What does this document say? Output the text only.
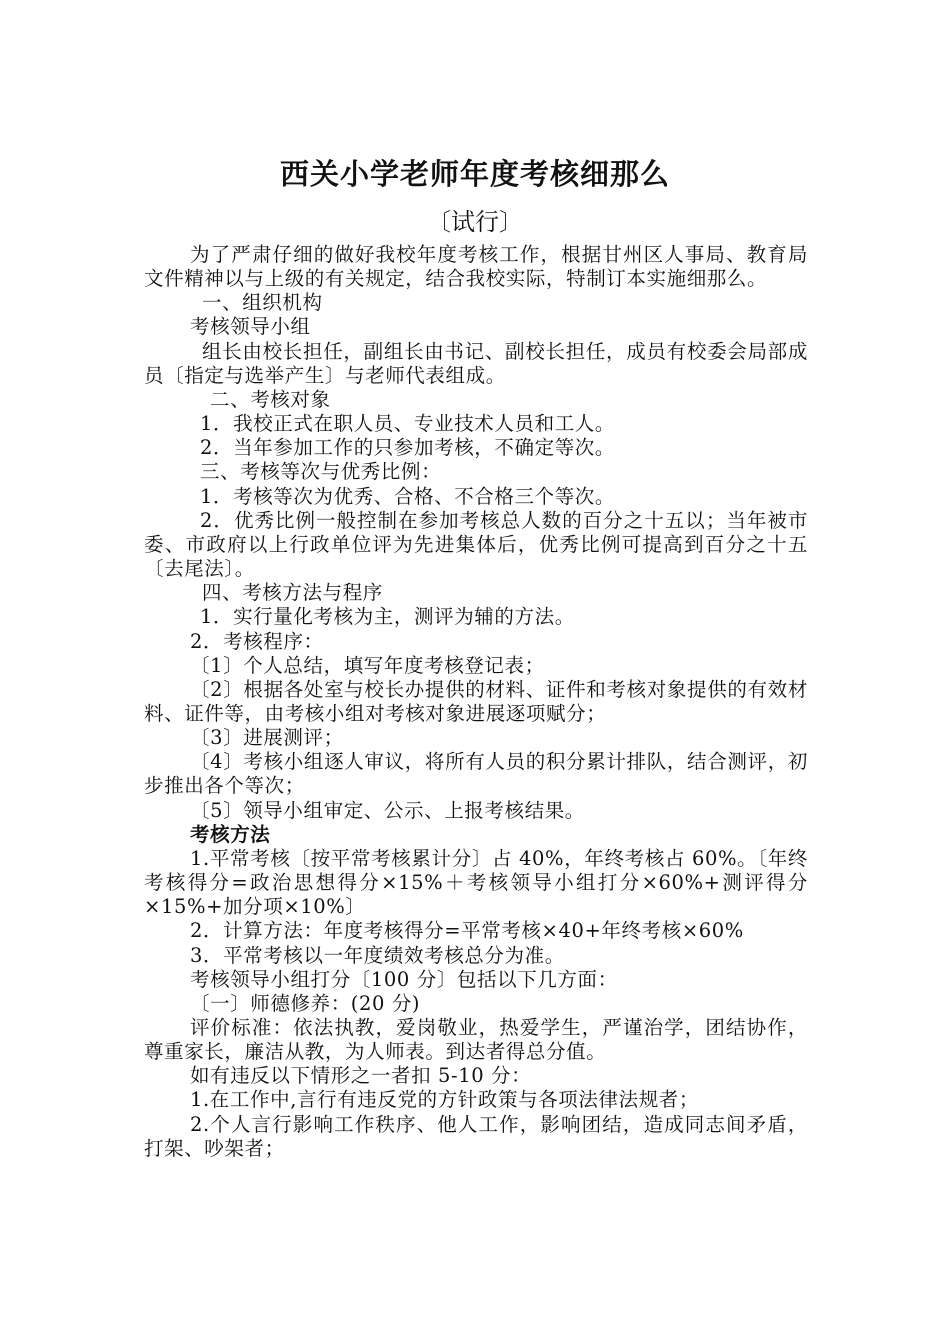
西关小学老师年度考核细那么
〔试行〕

为了严肃仔细的做好我校年度考核工作，根据甘州区人事局、教育局文件精神以与上级的有关规定，结合我校实际，特制订本实施细那么。

一、组织机构

考核领导小组

组长由校长担任，副组长由书记、副校长担任，成员有校委会局部成员〔指定与选举产生〕与老师代表组成。

二、考核对象

1．我校正式在职人员、专业技术人员和工人。

2．当年参加工作的只参加考核，不确定等次。

三、考核等次与优秀比例：

1．考核等次为优秀、合格、不合格三个等次。

2．优秀比例一般控制在参加考核总人数的百分之十五以；当年被市委、市政府以上行政单位评为先进集体后，优秀比例可提高到百分之十五〔去尾法〕。

四、考核方法与程序

1．实行量化考核为主，测评为辅的方法。

2．考核程序：

〔1〕个人总结，填写年度考核登记表；

〔2〕根据各处室与校长办提供的材料、证件和考核对象提供的有效材料、证件等，由考核小组对考核对象进展逐项赋分；

〔3〕进展测评；

〔4〕考核小组逐人审议，将所有人员的积分累计排队，结合测评，初步推出各个等次；

〔5〕领导小组审定、公示、上报考核结果。

考核方法

1.平常考核〔按平常考核累计分〕占 40%，年终考核占 60%。〔年终考核得分=政治思想得分×15%＋考核领导小组打分×60%+测评得分×15%+加分项×10%〕

2．计算方法：年度考核得分=平常考核×40+年终考核×60%

3．平常考核以一年度绩效考核总分为准。

考核领导小组打分〔100 分〕包括以下几方面：

〔一〕师德修养：(20 分)

评价标准：依法执教，爱岗敬业，热爱学生，严谨治学，团结协作，尊重家长，廉洁从教，为人师表。到达者得总分值。

如有违反以下情形之一者扣 5-10 分：

1.在工作中,言行有违反党的方针政策与各项法律法规者；

2.个人言行影响工作秩序、他人工作，影响团结，造成同志间矛盾，打架、吵架者；
